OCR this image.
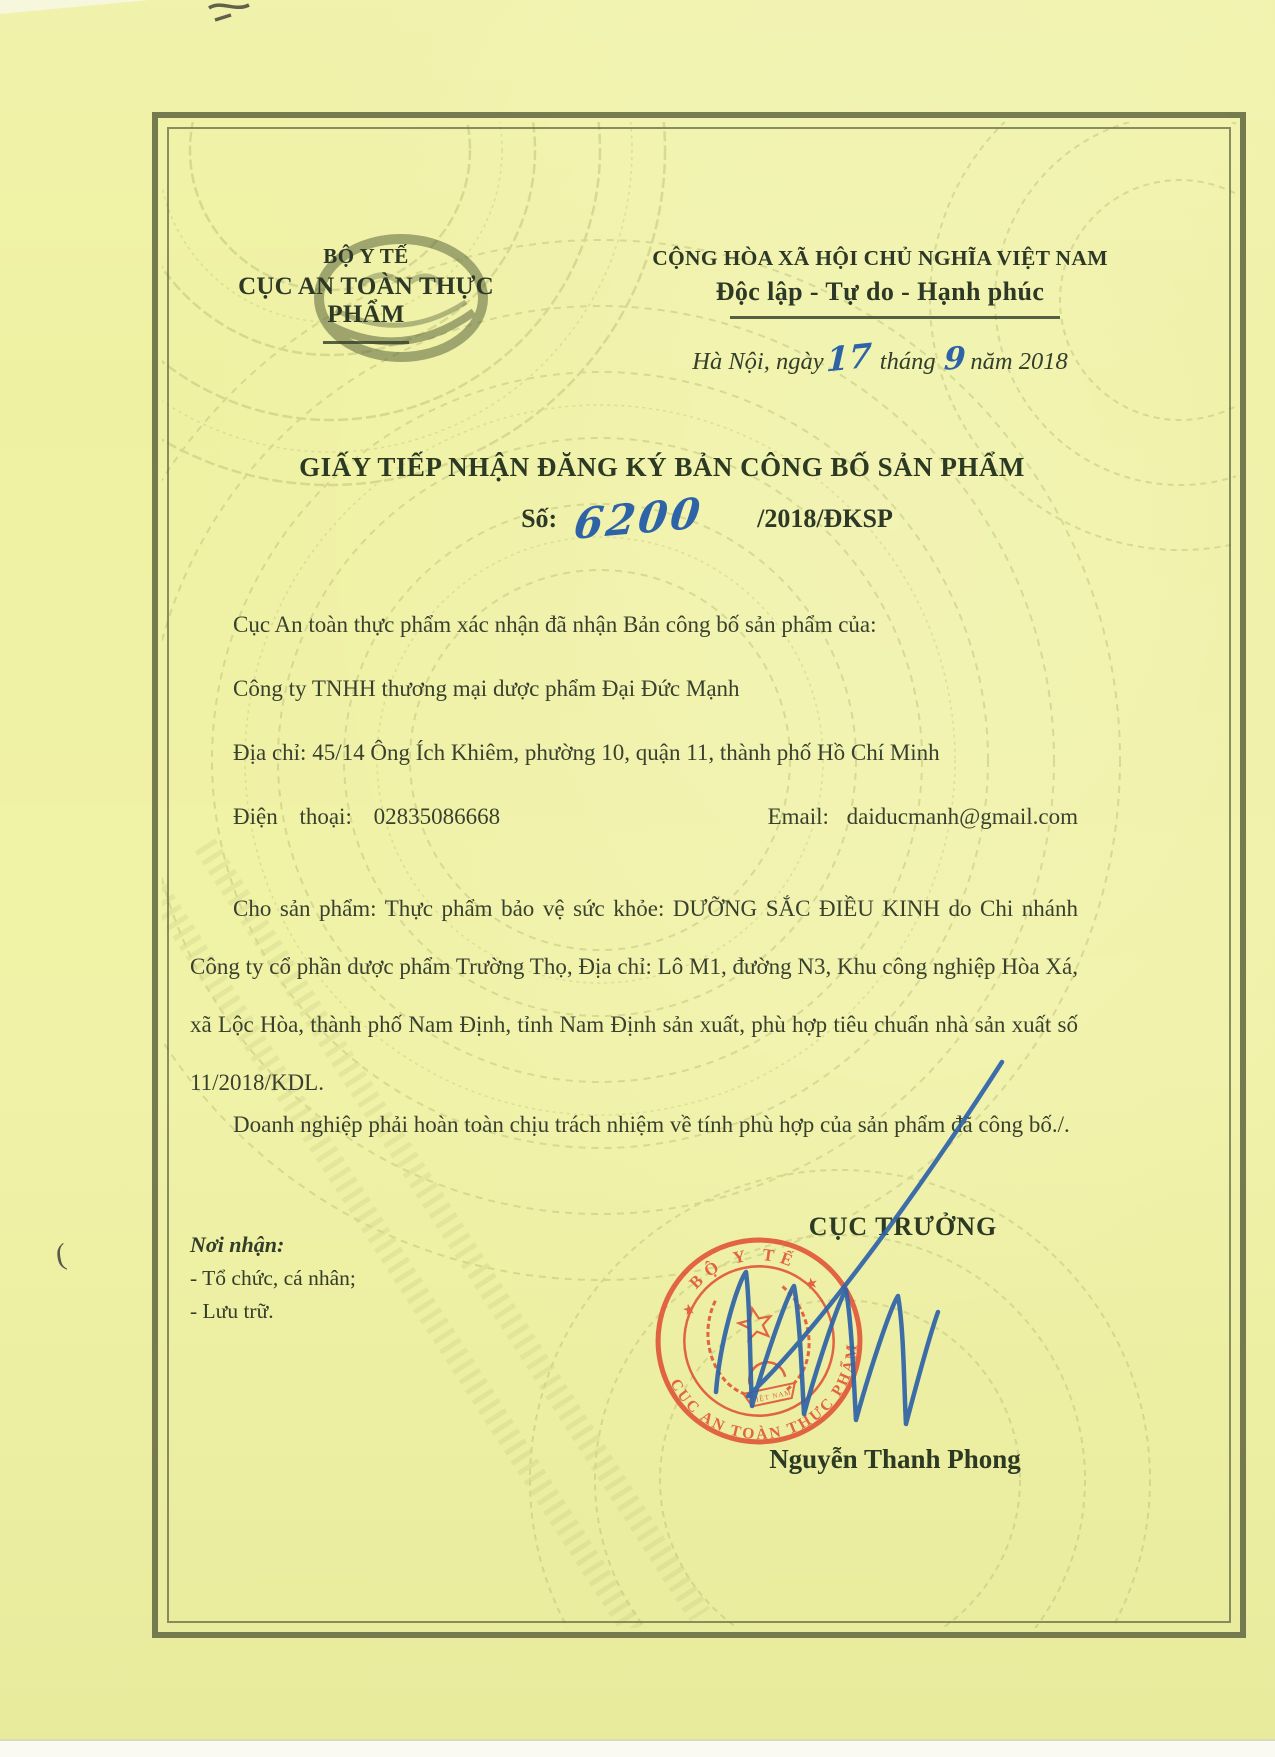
BỘ Y TẾ
CỤC AN TOÀN THỰC PHẨM
CỘNG HÒA XÃ HỘI CHỦ NGHĨA VIỆT NAM
Độc lập - Tự do - Hạnh phúc
Hà Nội, ngày 17 tháng 9 năm 2018
GIẤY TIẾP NHẬN ĐĂNG KÝ BẢN CÔNG BỐ SẢN PHẨM
Số: 6200 /2018/ĐKSP
Cục An toàn thực phẩm xác nhận đã nhận Bản công bố sản phẩm của:
Công ty TNHH thương mại dược phẩm Đại Đức Mạnh
Địa chỉ: 45/14 Ông Ích Khiêm, phường 10, quận 11, thành phố Hồ Chí Minh
Điện thoại: 02835086668	Email: daiducmanh@gmail.com
Cho sản phẩm: Thực phẩm bảo vệ sức khỏe: DƯỠNG SẮC ĐIỀU KINH do Chi nhánh Công ty cổ phần dược phẩm Trường Thọ, Địa chỉ: Lô M1, đường N3, Khu công nghiệp Hòa Xá, xã Lộc Hòa, thành phố Nam Định, tỉnh Nam Định sản xuất, phù hợp tiêu chuẩn nhà sản xuất số 11/2018/KDL.
Doanh nghiệp phải hoàn toàn chịu trách nhiệm về tính phù hợp của sản phẩm đã công bố./.
Nơi nhận:
- Tổ chức, cá nhân;
- Lưu trữ.
CỤC TRƯỞNG
Nguyễn Thanh Phong
BỘ Y TẾ
CỤC AN TOÀN THỰC PHẨM
★
★
VIỆT NAM
(
